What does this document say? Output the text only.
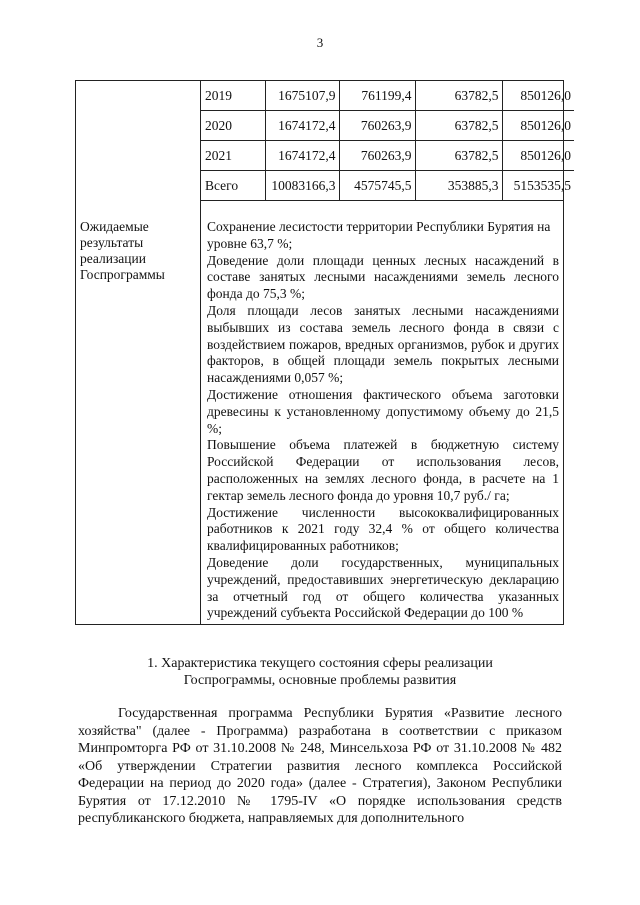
3
Ожидаемые
результаты
реализации
Госпрограммы

2019	1675107,9	761199,4	63782,5	850126,0
2020	1674172,4	760263,9	63782,5	850126,0
2021	1674172,4	760263,9	63782,5	850126,0
Всего	10083166,3	4575745,5	353885,3	5153535,5

Сохранение лесистости территории Республики Бурятия на уровне 63,7 %;

Доведение доли площади ценных лесных насаждений в составе занятых лесными насаждениями земель лесного фонда до 75,3 %;

Доля площади лесов занятых лесными насаждениями выбывших из состава земель лесного фонда в связи с воздействием пожаров, вредных организмов, рубок и других факторов, в общей площади земель покрытых лесными насаждениями 0,057 %;

Достижение отношения фактического объема заготовки древесины к установленному допустимому объему до 21,5 %;

Повышение объема платежей в бюджетную систему Российской Федерации от использования лесов, расположенных на землях лесного фонда, в расчете на 1 гектар земель лесного фонда до уровня 10,7 руб./ га;

Достижение численности высококвалифицированных работников к 2021 году 32,4 % от общего количества квалифицированных работников;

Доведение доли государственных, муниципальных учреждений, предоставивших энергетическую декларацию за отчетный год от общего количества указанных учреждений субъекта Российской Федерации до 100 %

1. Характеристика текущего состояния сферы реализации
Госпрограммы, основные проблемы развития

Государственная программа Республики Бурятия «Развитие лесного хозяйства" (далее - Программа) разработана в соответствии с приказом Минпромторга РФ от 31.10.2008 № 248, Минсельхоза РФ от 31.10.2008 № 482 «Об утверждении Стратегии развития лесного комплекса Российской Федерации на период до 2020 года» (далее - Стратегия), Законом Республики Бурятия от 17.12.2010 № 1795-IV «О порядке использования средств республиканского бюджета, направляемых для дополнительного
